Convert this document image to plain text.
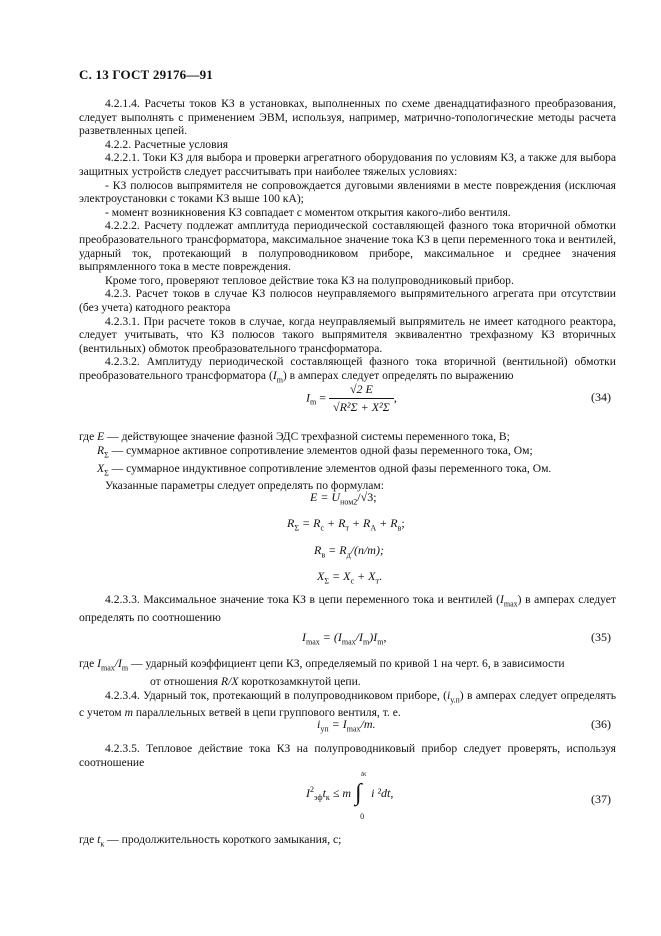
С. 13 ГОСТ 29176—91

4.2.1.4. Расчеты токов КЗ в установках, выполненных по схеме двенадцатифазного преобразования, следует выполнять с применением ЭВМ, используя, например, матрично-топологические методы расчета разветвленных цепей.

4.2.2. Расчетные условия

4.2.2.1. Токи КЗ для выбора и проверки агрегатного оборудования по условиям КЗ, а также для выбора защитных устройств следует рассчитывать при наиболее тяжелых условиях:

- КЗ полюсов выпрямителя не сопровождается дуговыми явлениями в месте повреждения (исключая электроустановки с токами КЗ выше 100 кА);

- момент возникновения КЗ совпадает с моментом открытия какого-либо вентиля.

4.2.2.2. Расчету подлежат амплитуда периодической составляющей фазного тока вторичной обмотки преобразовательного трансформатора, максимальное значение тока КЗ в цепи переменного тока и вентилей, ударный ток, протекающий в полупроводниковом приборе, максимальное и среднее значения выпрямленного тока в месте повреждения.

Кроме того, проверяют тепловое действие тока КЗ на полупроводниковый прибор.

4.2.3. Расчет токов в случае КЗ полюсов неуправляемого выпрямительного агрегата при отсутствии (без учета) катодного реактора

4.2.3.1. При расчете токов в случае, когда неуправляемый выпрямитель не имеет катодного реактора, следует учитывать, что КЗ полюсов такого выпрямителя эквивалентно трехфазному КЗ вторичных (вентильных) обмоток преобразовательного трансформатора.

4.2.3.2. Амплитуду периодической составляющей фазного тока вторичной (вентильной) обмотки преобразовательного трансформатора $(I_m)$ в амперах следует определять по выражению

$I_m = \frac{√2 E}{\text{√R²Σ + X²Σ}}$ ,	(34)

где E — действующее значение фазной ЭДС трехфазной системы переменного тока, В;

$R_\Sigma$ — суммарное активное сопротивление элементов одной фазы переменного тока, Ом;

$X_\Sigma$ — суммарное индуктивное сопротивление элементов одной фазы переменного тока, Ом.

Указанные параметры следует определять по формулам:

$E = U_{ном2}/√3$;
$R_\Sigma = R_c + R_т + R_А + R_в$;
$R_в = R_д/(n/m)$;
$X_\Sigma = X_c + X_т$.

4.2.3.3. Максимальное значение тока КЗ в цепи переменного тока и вентилей $(I_{max})$ в амперах следует определять по соотношению

$I_{max} = (I_{max}/I_m)I_m$,	(35)

где $I_{max}/I_m$ — ударный коэффициент цепи КЗ, определяемый по кривой 1 на черт. 6, в зависимости

от отношения R/X короткозамкнутой цепи.

4.2.3.4. Ударный ток, протекающий в полупроводниковом приборе, $(i_{у.п})$ в амперах следует определять с учетом m параллельных ветвей в цепи группового вентиля, т. е.

$i_{уп} = I_{max}/m$.	(36)

4.2.3.5. Тепловое действие тока КЗ на полупроводниковый прибор следует проверять, используя соотношение

$I^2_{эф}t_к \le m$ ∫
tк
0
i ²dt,	(37)

где $t_к$ — продолжительность короткого замыкания, с;
